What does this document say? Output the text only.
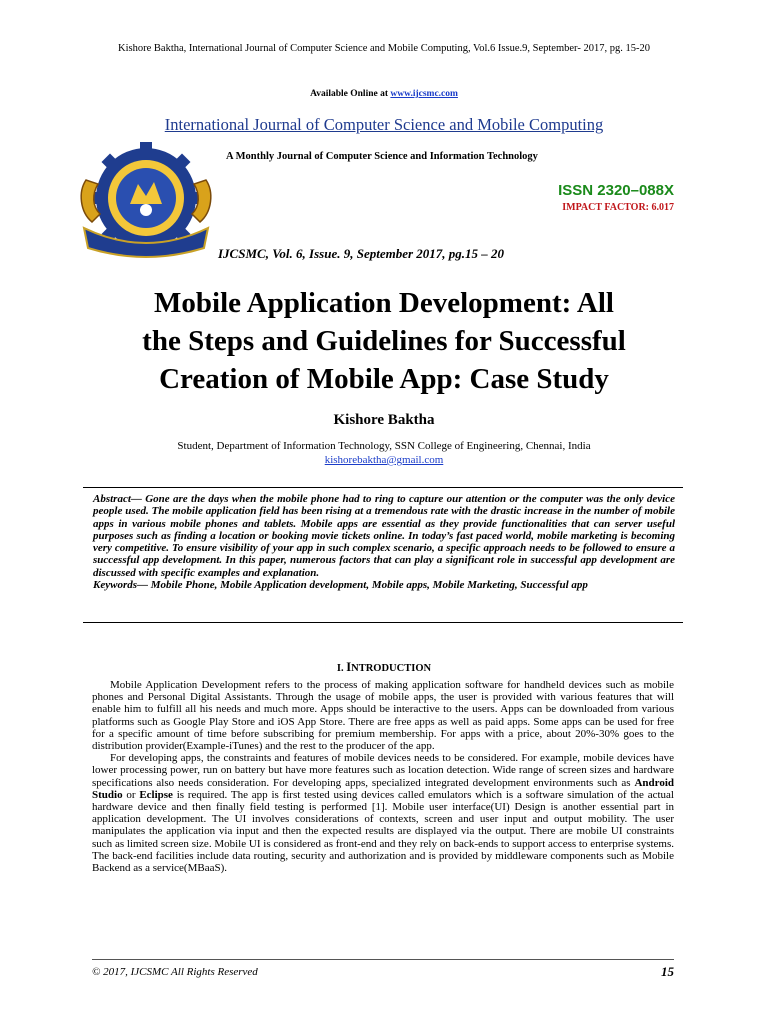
Kishore Baktha, International Journal of Computer Science and Mobile Computing, Vol.6 Issue.9, September- 2017, pg. 15-20
Available Online at www.ijcsmc.com
International Journal of Computer Science and Mobile Computing
A Monthly Journal of Computer Science and Information Technology
ISSN 2320–088X
IMPACT FACTOR: 6.017
IJCSMC, Vol. 6, Issue. 9, September 2017, pg.15 – 20
Mobile Application Development: All
the Steps and Guidelines for Successful
Creation of Mobile App: Case Study
Kishore Baktha
Student, Department of Information Technology, SSN College of Engineering, Chennai, India
kishorebaktha@gmail.com
Abstract— Gone are the days when the mobile phone had to ring to capture our attention or the computer was the only device people used. The mobile application field has been rising at a tremendous rate with the drastic increase in the number of mobile apps in various mobile phones and tablets. Mobile apps are essential as they provide functionalities that can server useful purposes such as finding a location or booking movie tickets online. In today’s fast paced world, mobile marketing is becoming very competitive. To ensure visibility of your app in such complex scenario, a specific approach needs to be followed to ensure a successful app development. In this paper, numerous factors that can play a significant role in successful app development are discussed with specific examples and explanation.
Keywords— Mobile Phone, Mobile Application development, Mobile apps, Mobile Marketing, Successful app
I. INTRODUCTION

Mobile Application Development refers to the process of making application software for handheld devices such as mobile phones and Personal Digital Assistants. Through the usage of mobile apps, the user is provided with various features that will enable him to fulfill all his needs and much more. Apps should be interactive to the users. Apps can be downloaded from various platforms such as Google Play Store and iOS App Store. There are free apps as well as paid apps. Some apps can be used for free for a specific amount of time before subscribing for premium membership. For apps with a price, about 20%-30% goes to the distribution provider(Example-iTunes) and the rest to the producer of the app.

For developing apps, the constraints and features of mobile devices needs to be considered. For example, mobile devices have lower processing power, run on battery but have more features such as location detection. Wide range of screen sizes and hardware specifications also needs consideration. For developing apps, specialized integrated development environments such as Android Studio or Eclipse is required. The app is first tested using devices called emulators which is a software simulation of the actual hardware device and then finally field testing is performed [1]. Mobile user interface(UI) Design is another essential part in application development. The UI involves considerations of contexts, screen and user input and output mobility. The user manipulates the application via input and then the expected results are displayed via the output. There are mobile UI constraints such as limited screen size. Mobile UI is considered as front-end and they rely on back-ends to support access to enterprise systems. The back-end facilities include data routing, security and authorization and is provided by middleware components such as Mobile Backend as a service(MBaaS).

© 2017, IJCSMC All Rights Reserved	15
